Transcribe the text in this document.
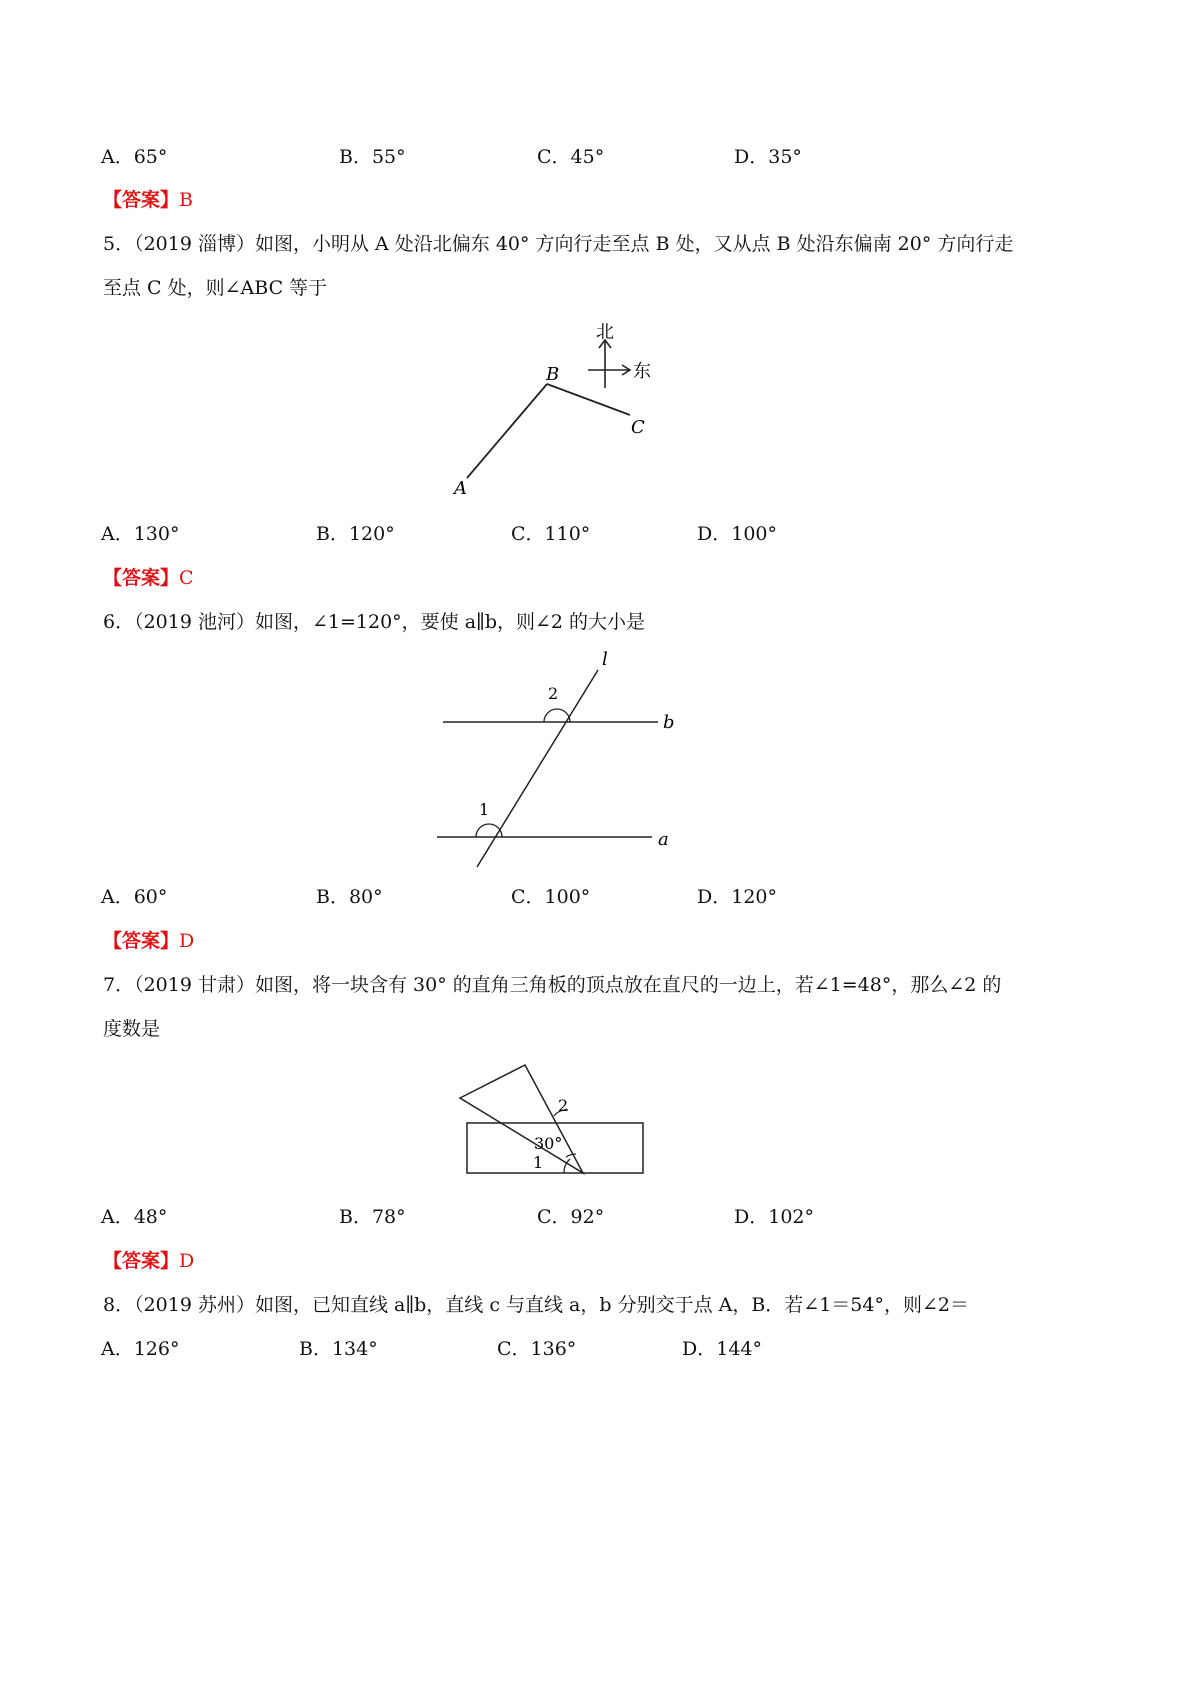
A．65°	B．55°	C．45°	D．35°
【答案】B
5．（2019 淄博）如图，小明从 A 处沿北偏东 40° 方向行走至点 B 处，又从点 B 处沿东偏南 20° 方向行走
至点 C 处，则∠ABC 等于
北
东
A
B
C
A．130°	B．120°	C．110°	D．100°
【答案】C
6．（2019 池河）如图，∠1=120°，要使 a∥b，则∠2 的大小是
l
b
a
2
1
A．60°	B．80°	C．100°	D．120°
【答案】D
7．（2019 甘肃）如图，将一块含有 30° 的直角三角板的顶点放在直尺的一边上，若∠1=48°，那么∠2 的
度数是
2
30°
1
A．48°	B．78°	C．92°	D．102°
【答案】D
8．（2019 苏州）如图，已知直线 a∥b，直线 c 与直线 a，b 分别交于点 A，B．若∠1＝54°，则∠2＝
A．126°	B．134°	C．136°	D．144°
